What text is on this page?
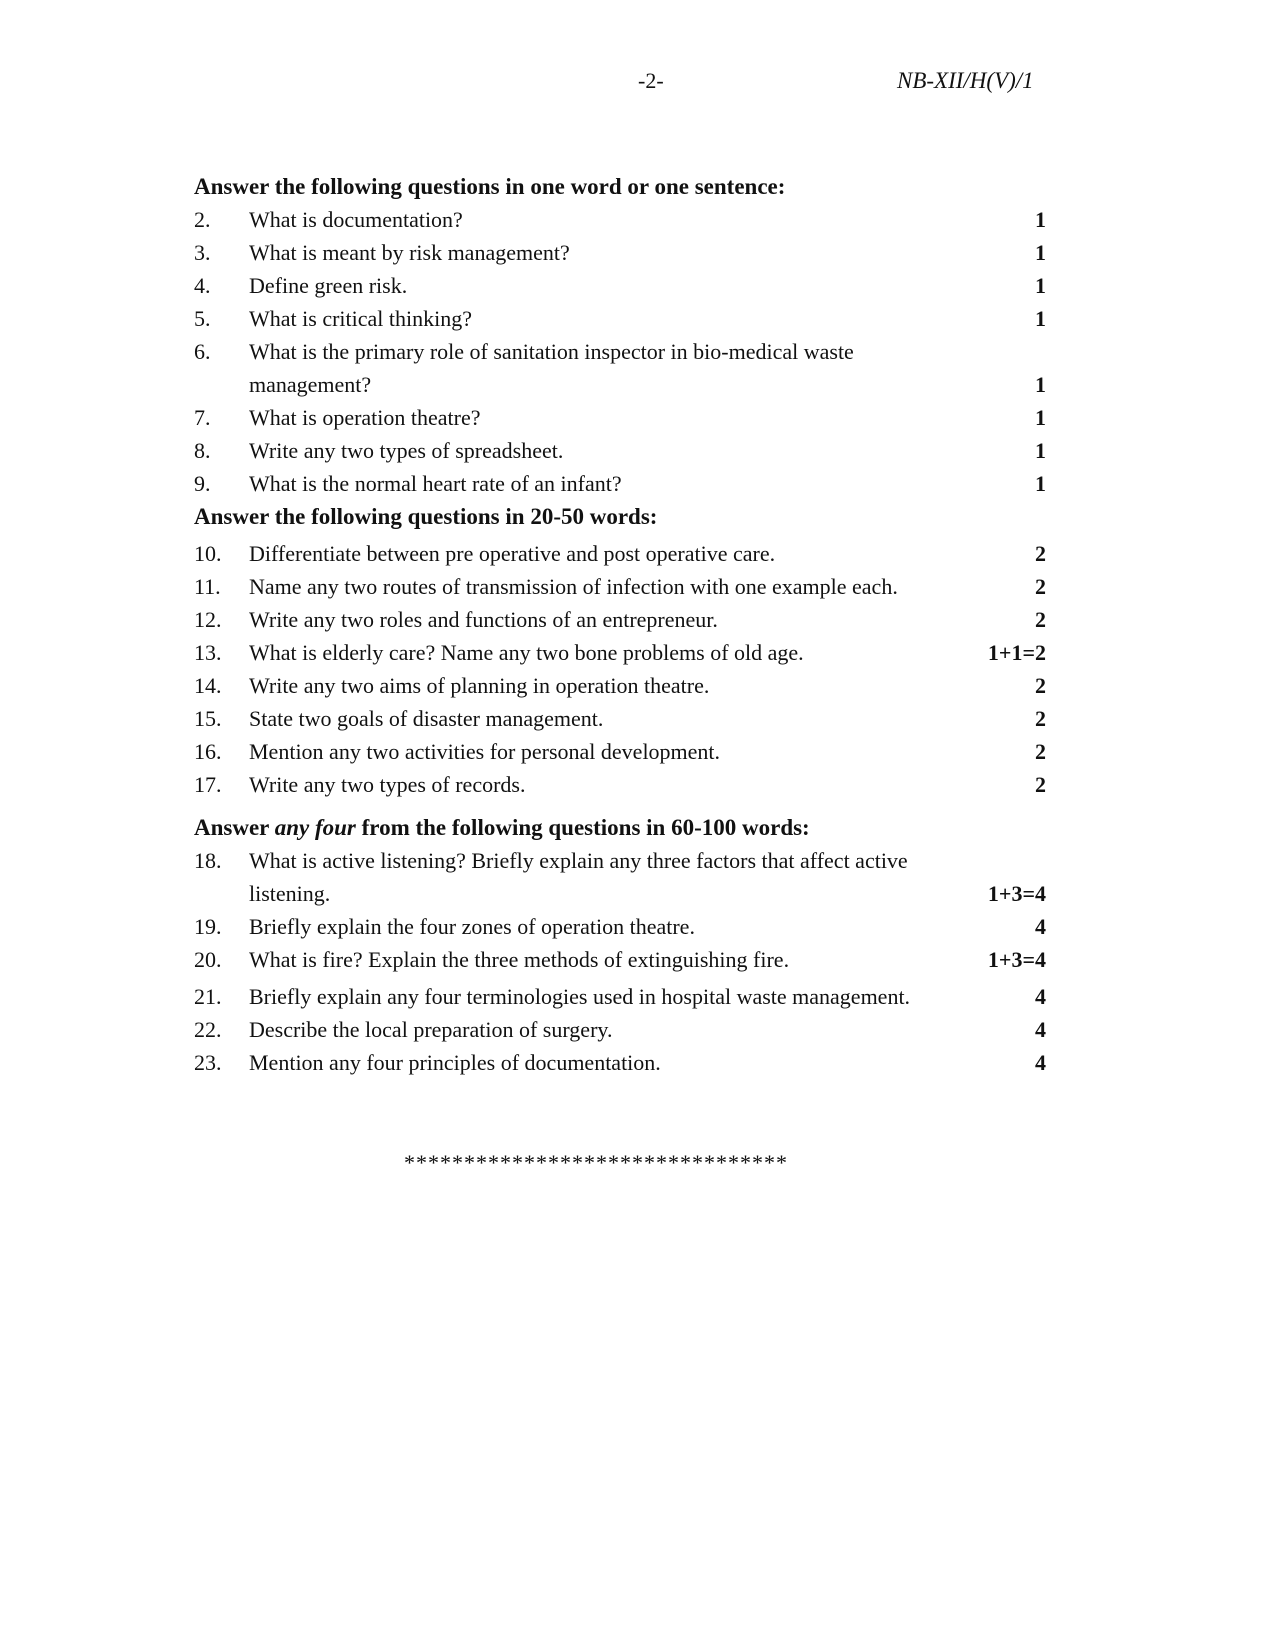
-2-	NB-XII/H(V)/1
Answer the following questions in one word or one sentence:
2. What is documentation?	1
3. What is meant by risk management?	1
4. Define green risk.	1
5. What is critical thinking?	1
6. What is the primary role of sanitation inspector in bio-medical waste management?	1
7. What is operation theatre?	1
8. Write any two types of spreadsheet.	1
9. What is the normal heart rate of an infant?	1
Answer the following questions in 20-50 words:
10. Differentiate between pre operative and post operative care.	2
11. Name any two routes of transmission of infection with one example each.	2
12. Write any two roles and functions of an entrepreneur.	2
13. What is elderly care? Name any two bone problems of old age.	1+1=2
14. Write any two aims of planning in operation theatre.	2
15. State two goals of disaster management.	2
16. Mention any two activities for personal development.	2
17. Write any two types of records.	2
Answer any four from the following questions in 60-100 words:
18. What is active listening? Briefly explain any three factors that affect active listening.	1+3=4
19. Briefly explain the four zones of operation theatre.	4
20. What is fire? Explain the three methods of extinguishing fire.	1+3=4
21. Briefly explain any four terminologies used in hospital waste management.	4
22. Describe the local preparation of surgery.	4
23. Mention any four principles of documentation.	4
********************************
